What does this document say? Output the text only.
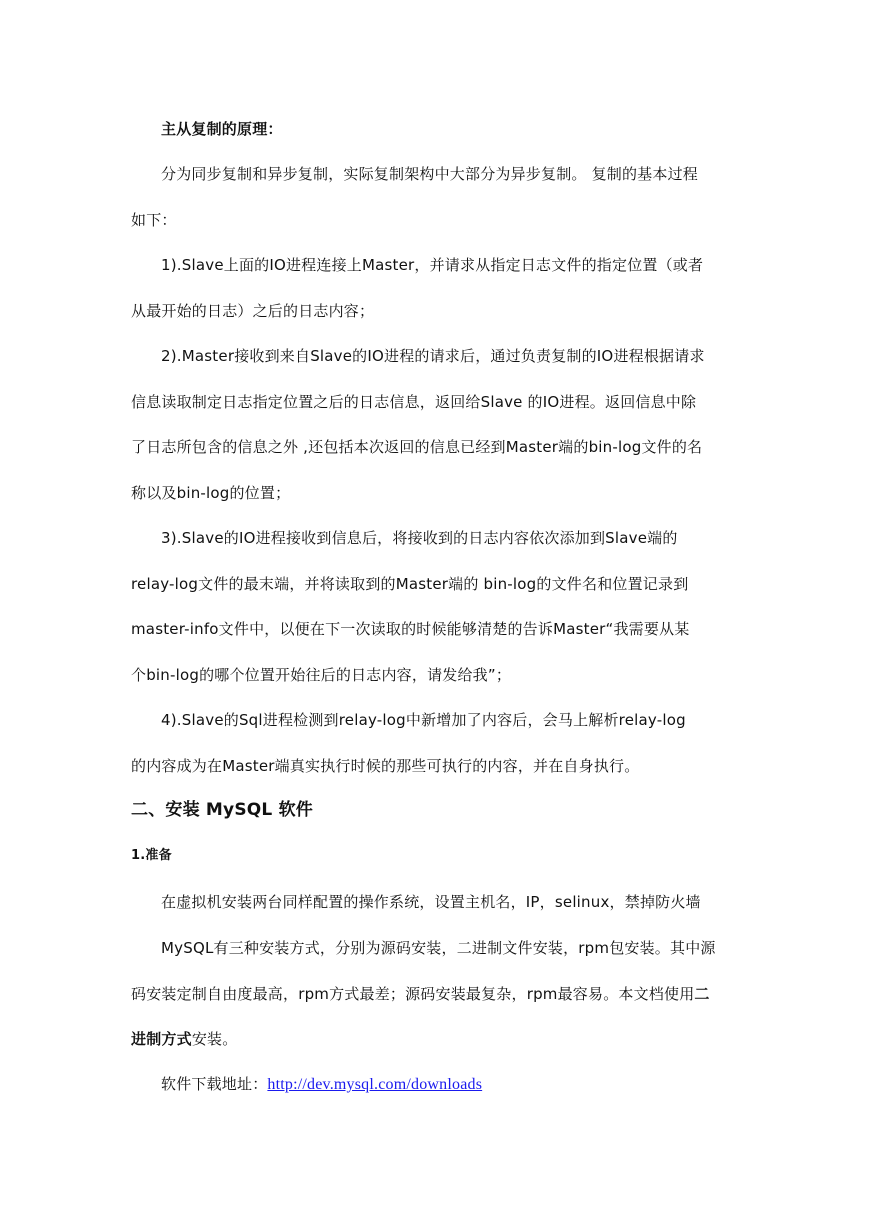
主从复制的原理：
分为同步复制和异步复制，实际复制架构中大部分为异步复制。 复制的基本过程
如下：
1).Slave上面的IO进程连接上Master，并请求从指定日志文件的指定位置（或者
从最开始的日志）之后的日志内容；
2).Master接收到来自Slave的IO进程的请求后，通过负责复制的IO进程根据请求
信息读取制定日志指定位置之后的日志信息，返回给Slave 的IO进程。返回信息中除
了日志所包含的信息之外 ,还包括本次返回的信息已经到Master端的bin-log文件的名
称以及bin-log的位置；
3).Slave的IO进程接收到信息后，将接收到的日志内容依次添加到Slave端的
relay-log文件的最末端，并将读取到的Master端的 bin-log的文件名和位置记录到
master-info文件中，以便在下一次读取的时候能够清楚的告诉Master“我需要从某
个bin-log的哪个位置开始往后的日志内容，请发给我”；
4).Slave的Sql进程检测到relay-log中新增加了内容后，会马上解析relay-log
的内容成为在Master端真实执行时候的那些可执行的内容，并在自身执行。
二、安装 MySQL 软件
1.准备
在虚拟机安装两台同样配置的操作系统，设置主机名，IP，selinux，禁掉防火墙
MySQL有三种安装方式，分别为源码安装，二进制文件安装，rpm包安装。其中源
码安装定制自由度最高，rpm方式最差；源码安装最复杂，rpm最容易。本文档使用二
进制方式安装。
软件下载地址：http://dev.mysql.com/downloads
